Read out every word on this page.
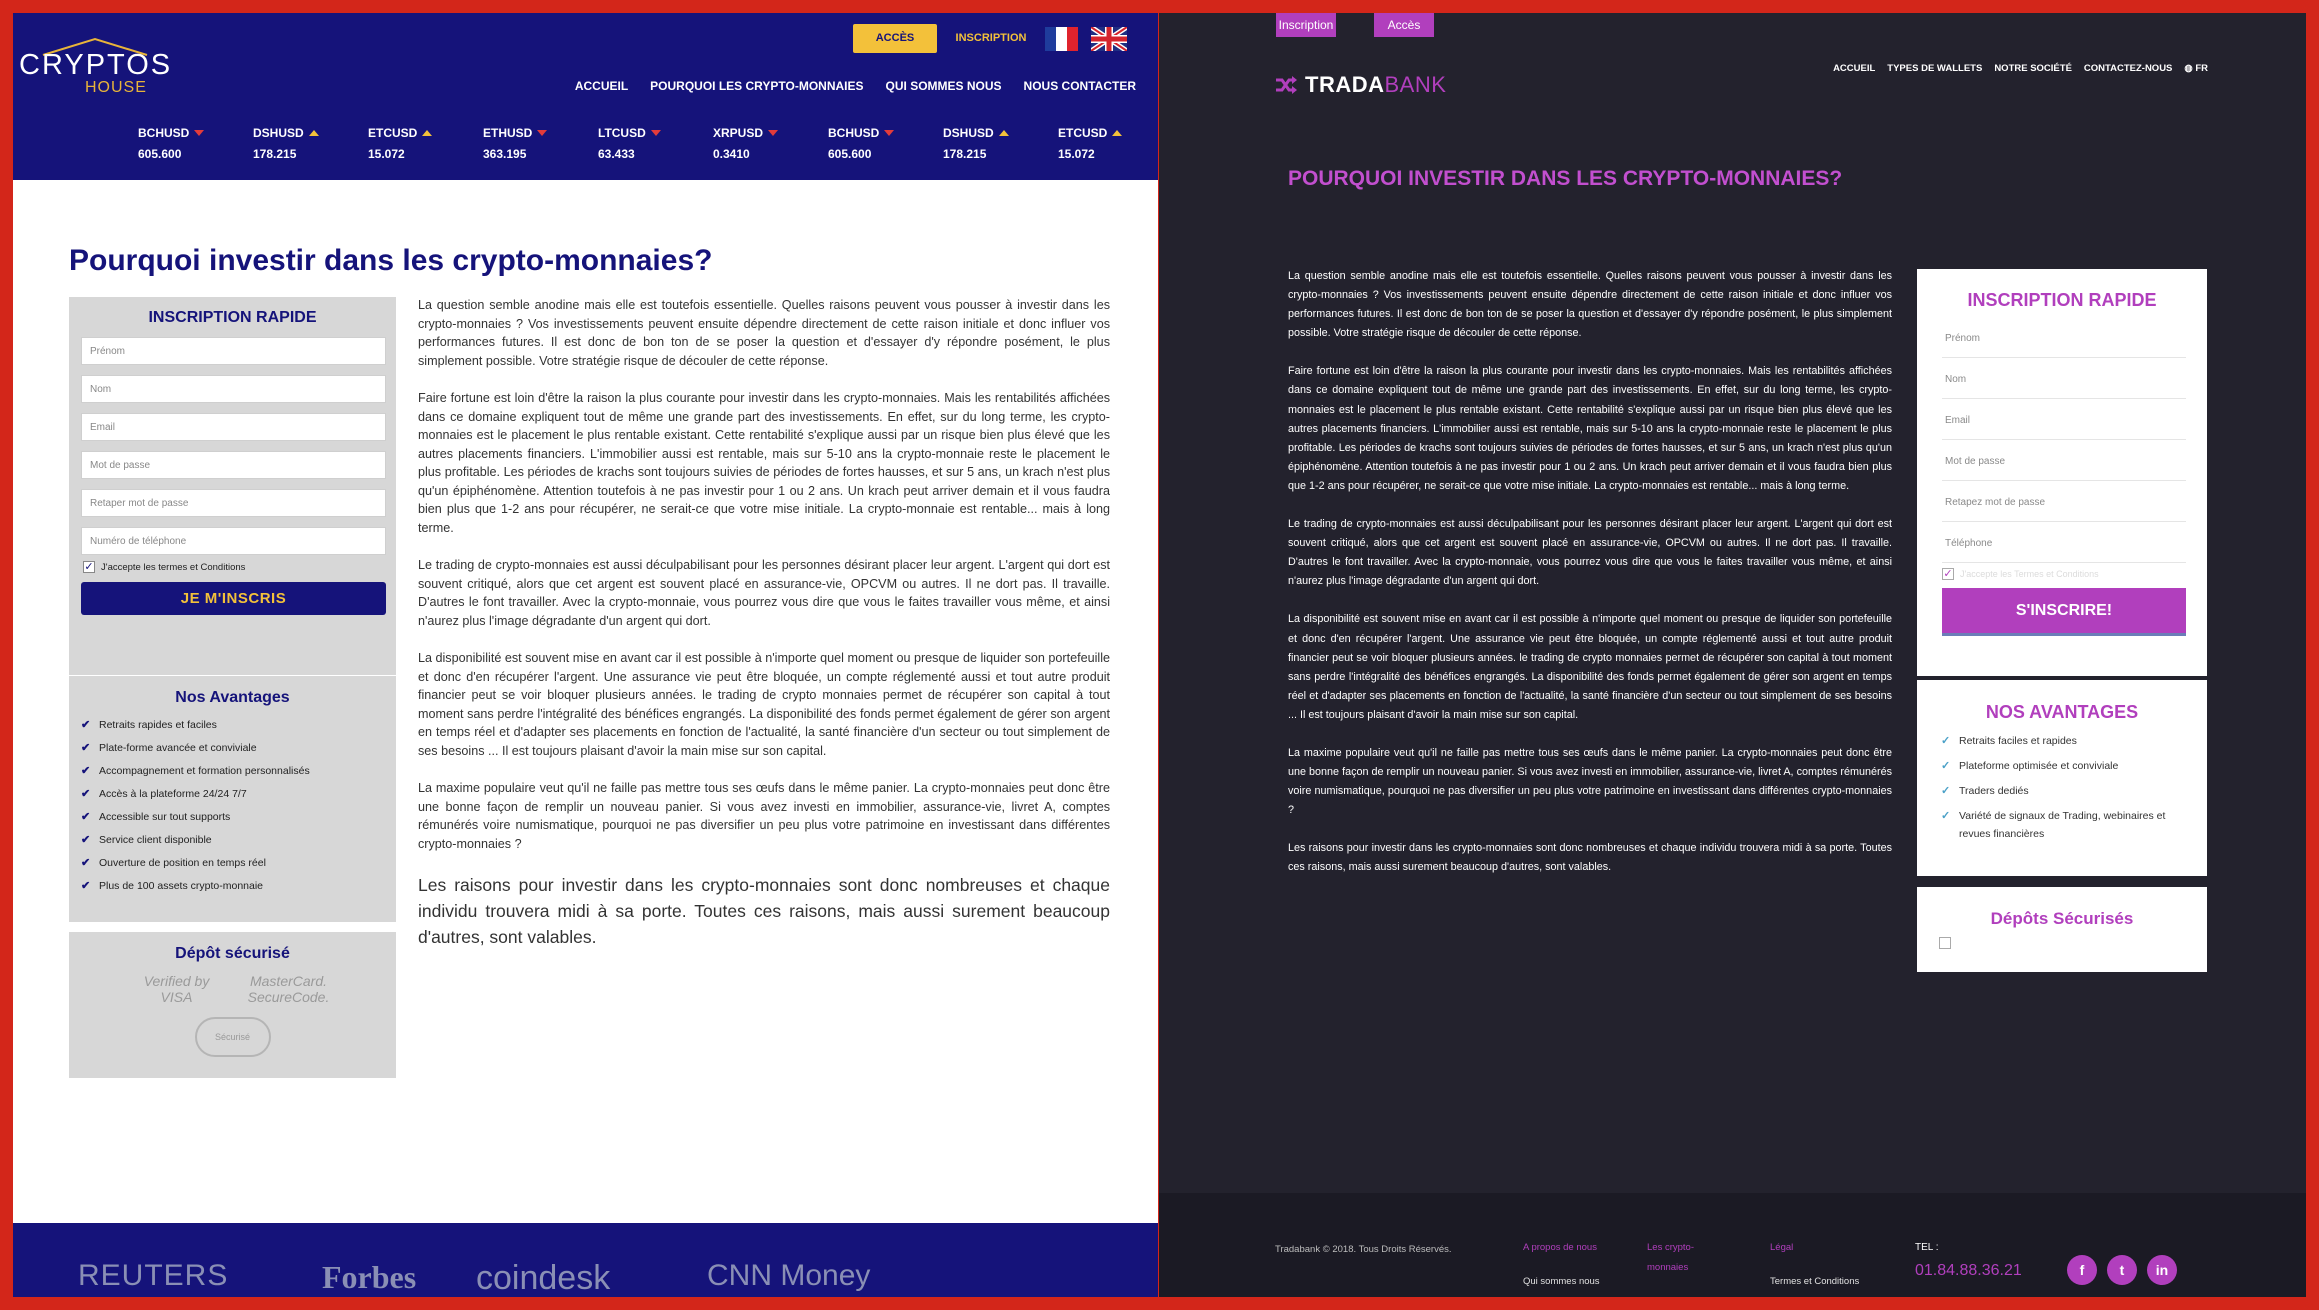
CRYPTOS
HOUSE
ACCÈS	INSCRIPTION
ACCUEIL POURQUOI LES CRYPTO-MONNAIES QUI SOMMES NOUS NOUS CONTACTER
BCHUSD
605.600
DSHUSD
178.215
ETCUSD
15.072
ETHUSD
363.195
LTCUSD
63.433
XRPUSD
0.3410
BCHUSD
605.600
DSHUSD
178.215
ETCUSD
15.072
Pourquoi investir dans les crypto-monnaies?
INSCRIPTION RAPIDE
Prénom
Nom
Email
Mot de passe
Retaper mot de passe
Numéro de téléphone
✓ J'accepte les termes et Conditions
JE M'INSCRIS
Nos Avantages
✔ Retraits rapides et faciles
✔ Plate-forme avancée et conviviale
✔ Accompagnement et formation personnalisés
✔ Accès à la plateforme 24/24 7/7
✔ Accessible sur tout supports
✔ Service client disponible
✔ Ouverture de position en temps réel
✔ Plus de 100 assets crypto-monnaie
Dépôt sécurisé
Verified by VISA
MasterCard. SecureCode.
Sécurisé

La question semble anodine mais elle est toutefois essentielle. Quelles raisons peuvent vous pousser à investir dans les crypto-monnaies ? Vos investissements peuvent ensuite dépendre directement de cette raison initiale et donc influer vos performances futures. Il est donc de bon ton de se poser la question et d'essayer d'y répondre posément, le plus simplement possible. Votre stratégie risque de découler de cette réponse.

Faire fortune est loin d'être la raison la plus courante pour investir dans les crypto-monnaies. Mais les rentabilités affichées dans ce domaine expliquent tout de même une grande part des investissements. En effet, sur du long terme, les crypto-monnaies est le placement le plus rentable existant. Cette rentabilité s'explique aussi par un risque bien plus élevé que les autres placements financiers. L'immobilier aussi est rentable, mais sur 5-10 ans la crypto-monnaie reste le placement le plus profitable. Les périodes de krachs sont toujours suivies de périodes de fortes hausses, et sur 5 ans, un krach n'est plus qu'un épiphénomène. Attention toutefois à ne pas investir pour 1 ou 2 ans. Un krach peut arriver demain et il vous faudra bien plus que 1-2 ans pour récupérer, ne serait-ce que votre mise initiale. La crypto-monnaie est rentable... mais à long terme.

Le trading de crypto-monnaies est aussi déculpabilisant pour les personnes désirant placer leur argent. L'argent qui dort est souvent critiqué, alors que cet argent est souvent placé en assurance-vie, OPCVM ou autres. Il ne dort pas. Il travaille. D'autres le font travailler. Avec la crypto-monnaie, vous pourrez vous dire que vous le faites travailler vous même, et ainsi n'aurez plus l'image dégradante d'un argent qui dort.

La disponibilité est souvent mise en avant car il est possible à n'importe quel moment ou presque de liquider son portefeuille et donc d'en récupérer l'argent. Une assurance vie peut être bloquée, un compte réglementé aussi et tout autre produit financier peut se voir bloquer plusieurs années. le trading de crypto monnaies permet de récupérer son capital à tout moment sans perdre l'intégralité des bénéfices engrangés. La disponibilité des fonds permet également de gérer son argent en temps réel et d'adapter ses placements en fonction de l'actualité, la santé financière d'un secteur ou tout simplement de ses besoins ... Il est toujours plaisant d'avoir la main mise sur son capital.

La maxime populaire veut qu'il ne faille pas mettre tous ses œufs dans le même panier. La crypto-monnaies peut donc être une bonne façon de remplir un nouveau panier. Si vous avez investi en immobilier, assurance-vie, livret A, comptes rémunérés voire numismatique, pourquoi ne pas diversifier un peu plus votre patrimoine en investissant dans différentes crypto-monnaies ?

Les raisons pour investir dans les crypto-monnaies sont donc nombreuses et chaque individu trouvera midi à sa porte. Toutes ces raisons, mais aussi surement beaucoup d'autres, sont valables.

REUTERS	Forbes coindesk	CNN Money
Inscription	Accès
TRADABANK
ACCUEIL TYPES DE WALLETS NOTRE SOCIÉTÉ CONTACTEZ-NOUS ◍ FR
POURQUOI INVESTIR DANS LES CRYPTO-MONNAIES?

La question semble anodine mais elle est toutefois essentielle. Quelles raisons peuvent vous pousser à investir dans les crypto-monnaies ? Vos investissements peuvent ensuite dépendre directement de cette raison initiale et donc influer vos performances futures. Il est donc de bon ton de se poser la question et d'essayer d'y répondre posément, le plus simplement possible. Votre stratégie risque de découler de cette réponse.

Faire fortune est loin d'être la raison la plus courante pour investir dans les crypto-monnaies. Mais les rentabilités affichées dans ce domaine expliquent tout de même une grande part des investissements. En effet, sur du long terme, les crypto-monnaies est le placement le plus rentable existant. Cette rentabilité s'explique aussi par un risque bien plus élevé que les autres placements financiers. L'immobilier aussi est rentable, mais sur 5-10 ans la crypto-monnaie reste le placement le plus profitable. Les périodes de krachs sont toujours suivies de périodes de fortes hausses, et sur 5 ans, un krach n'est plus qu'un épiphénomène. Attention toutefois à ne pas investir pour 1 ou 2 ans. Un krach peut arriver demain et il vous faudra bien plus que 1-2 ans pour récupérer, ne serait-ce que votre mise initiale. La crypto-monnaies est rentable... mais à long terme.

Le trading de crypto-monnaies est aussi déculpabilisant pour les personnes désirant placer leur argent. L'argent qui dort est souvent critiqué, alors que cet argent est souvent placé en assurance-vie, OPCVM ou autres. Il ne dort pas. Il travaille. D'autres le font travailler. Avec la crypto-monnaie, vous pourrez vous dire que vous le faites travailler vous même, et ainsi n'aurez plus l'image dégradante d'un argent qui dort.

La disponibilité est souvent mise en avant car il est possible à n'importe quel moment ou presque de liquider son portefeuille et donc d'en récupérer l'argent. Une assurance vie peut être bloquée, un compte réglementé aussi et tout autre produit financier peut se voir bloquer plusieurs années. le trading de crypto monnaies permet de récupérer son capital à tout moment sans perdre l'intégralité des bénéfices engrangés. La disponibilité des fonds permet également de gérer son argent en temps réel et d'adapter ses placements en fonction de l'actualité, la santé financière d'un secteur ou tout simplement de ses besoins ... Il est toujours plaisant d'avoir la main mise sur son capital.

La maxime populaire veut qu'il ne faille pas mettre tous ses œufs dans le même panier. La crypto-monnaies peut donc être une bonne façon de remplir un nouveau panier. Si vous avez investi en immobilier, assurance-vie, livret A, comptes rémunérés voire numismatique, pourquoi ne pas diversifier un peu plus votre patrimoine en investissant dans différentes crypto-monnaies ?

Les raisons pour investir dans les crypto-monnaies sont donc nombreuses et chaque individu trouvera midi à sa porte. Toutes ces raisons, mais aussi surement beaucoup d'autres, sont valables.

INSCRIPTION RAPIDE
Prénom
Nom
Email
Mot de passe
Retapez mot de passe
Téléphone
✓ J'accepte les Termes et Conditions
S'INSCRIRE!
NOS AVANTAGES
✓ Retraits faciles et rapides
✓ Plateforme optimisée et conviviale
✓ Traders dediés
✓ Variété de signaux de Trading, webinaires et revues financières
Dépôts Sécurisés
Tradabank © 2018. Tous Droits Réservés.	A propos de nous
Qui sommes nous
Les crypto-monnaies
Légal
Termes et Conditions
TEL :
01.84.88.36.21	f	t	in
